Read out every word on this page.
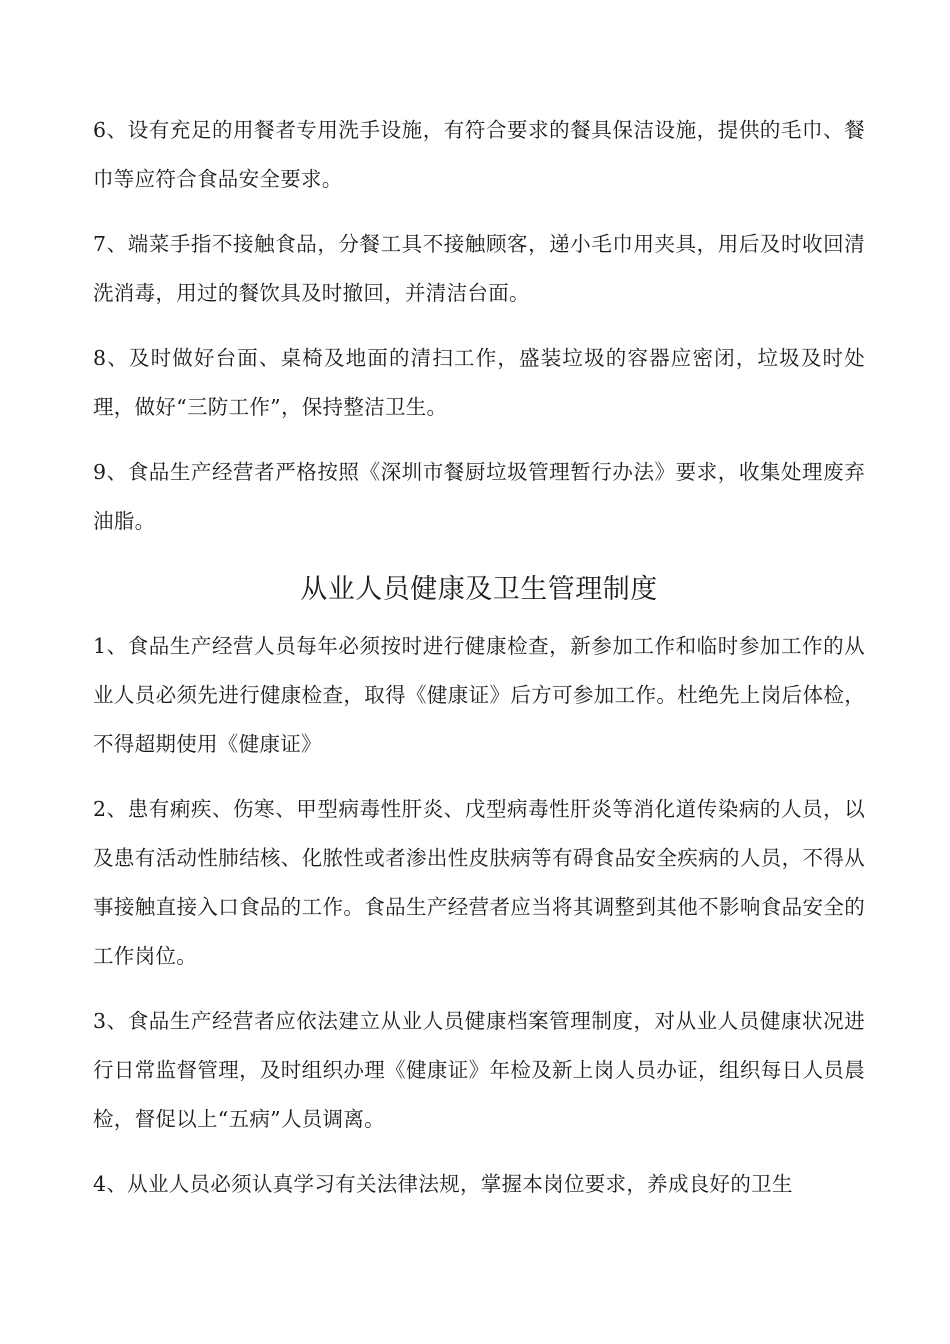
6、设有充足的用餐者专用洗手设施，有符合要求的餐具保洁设施，提供的毛巾、餐巾等应符合食品安全要求。

7、端菜手指不接触食品，分餐工具不接触顾客，递小毛巾用夹具，用后及时收回清洗消毒，用过的餐饮具及时撤回，并清洁台面。

8、及时做好台面、桌椅及地面的清扫工作，盛装垃圾的容器应密闭，垃圾及时处理，做好“三防工作”，保持整洁卫生。

9、食品生产经营者严格按照《深圳市餐厨垃圾管理暂行办法》要求，收集处理废弃油脂。

从业人员健康及卫生管理制度

1、食品生产经营人员每年必须按时进行健康检查，新参加工作和临时参加工作的从业人员必须先进行健康检查，取得《健康证》后方可参加工作。杜绝先上岗后体检，不得超期使用《健康证》

2、患有痢疾、伤寒、甲型病毒性肝炎、戊型病毒性肝炎等消化道传染病的人员，以及患有活动性肺结核、化脓性或者渗出性皮肤病等有碍食品安全疾病的人员，不得从事接触直接入口食品的工作。食品生产经营者应当将其调整到其他不影响食品安全的工作岗位。

3、食品生产经营者应依法建立从业人员健康档案管理制度，对从业人员健康状况进行日常监督管理，及时组织办理《健康证》年检及新上岗人员办证，组织每日人员晨检，督促以上“五病”人员调离。

4、从业人员必须认真学习有关法律法规，掌握本岗位要求，养成良好的卫生
